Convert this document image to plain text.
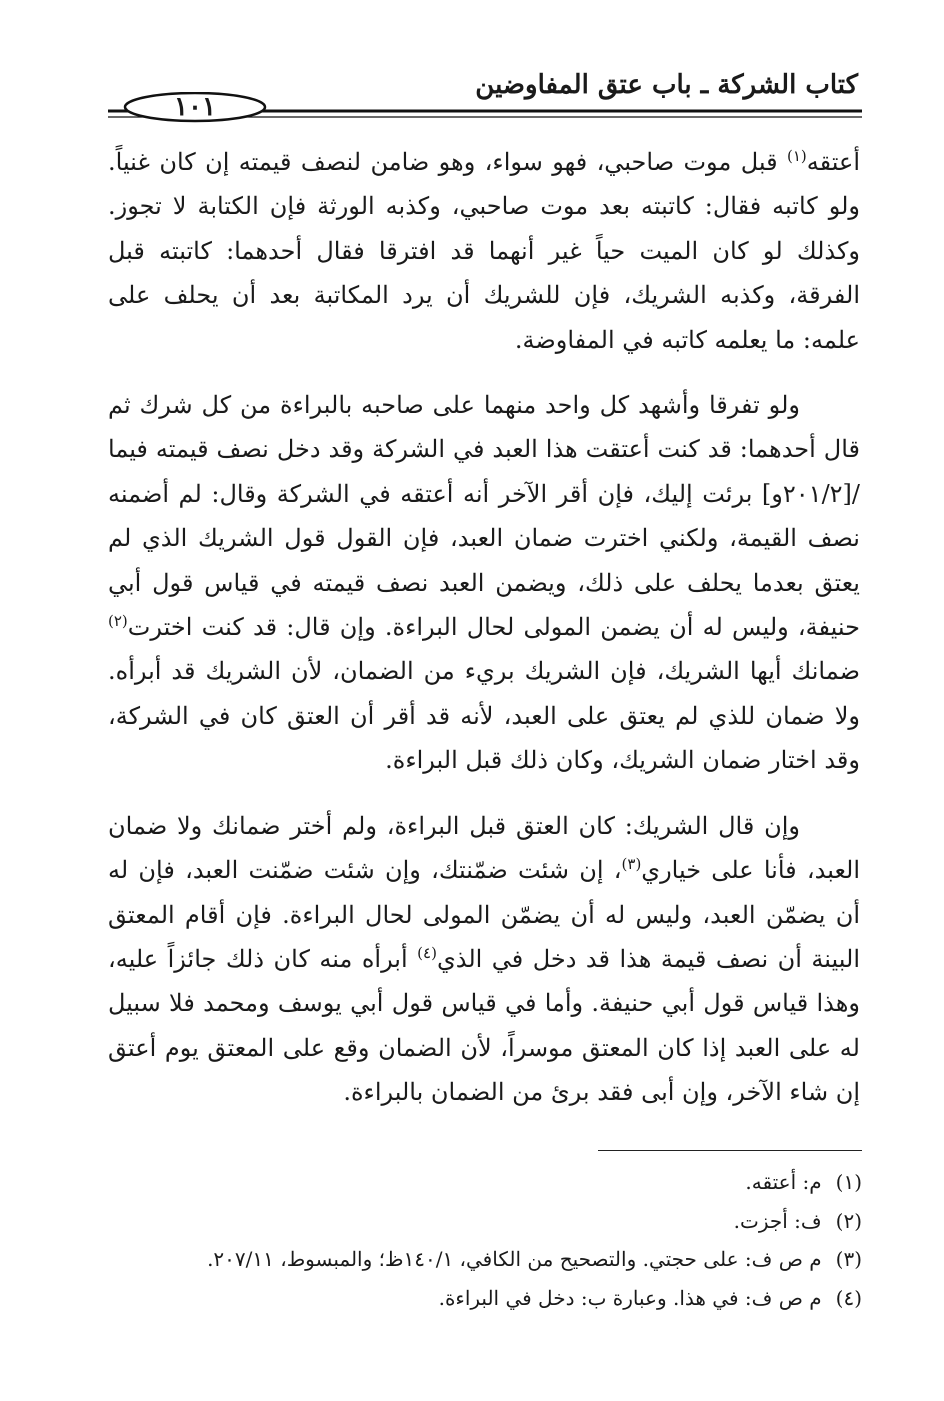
كتاب الشركة ـ باب عتق المفاوضين
١٠١

أعتقه$^{(١)}$ قبل موت صاحبي، فهو سواء، وهو ضامن لنصف قيمته إن كان غنياً. ولو كاتبه فقال: كاتبته بعد موت صاحبي، وكذبه الورثة فإن الكتابة لا تجوز. وكذلك لو كان الميت حياً غير أنهما قد افترقا فقال أحدهما: كاتبته قبل الفرقة، وكذبه الشريك، فإن للشريك أن يرد المكاتبة بعد أن يحلف على علمه: ما يعلمه كاتبه في المفاوضة.

ولو تفرقا وأشهد كل واحد منهما على صاحبه بالبراءة من كل شرك ثم قال أحدهما: قد كنت أعتقت هذا العبد في الشركة وقد دخل نصف قيمته فيما /[٢٠١/٢و] برئت إليك، فإن أقر الآخر أنه أعتقه في الشركة وقال: لم أضمنه نصف القيمة، ولكني اخترت ضمان العبد، فإن القول قول الشريك الذي لم يعتق بعدما يحلف على ذلك، ويضمن العبد نصف قيمته في قياس قول أبي حنيفة، وليس له أن يضمن المولى لحال البراءة. وإن قال: قد كنت اخترت$^{(٢)}$ ضمانك أيها الشريك، فإن الشريك بريء من الضمان، لأن الشريك قد أبرأه. ولا ضمان للذي لم يعتق على العبد، لأنه قد أقر أن العتق كان في الشركة، وقد اختار ضمان الشريك، وكان ذلك قبل البراءة.

وإن قال الشريك: كان العتق قبل البراءة، ولم أختر ضمانك ولا ضمان العبد، فأنا على خياري$^{(٣)}$، إن شئت ضمّنتك، وإن شئت ضمّنت العبد، فإن له أن يضمّن العبد، وليس له أن يضمّن المولى لحال البراءة. فإن أقام المعتق البينة أن نصف قيمة هذا قد دخل في الذي$^{(٤)}$ أبرأه منه كان ذلك جائزاً عليه، وهذا قياس قول أبي حنيفة. وأما في قياس قول أبي يوسف ومحمد فلا سبيل له على العبد إذا كان المعتق موسراً، لأن الضمان وقع على المعتق يوم أعتق إن شاء الآخر، وإن أبى فقد برئ من الضمان بالبراءة.

(١)م: أعتقه.
(٢)ف: أجزت.
(٣)م ص ف: على حجتي. والتصحيح من الكافي، ١٤٠/١ظ؛ والمبسوط، ٢٠٧/١١.
(٤)م ص ف: في هذا. وعبارة ب: دخل في البراءة.
